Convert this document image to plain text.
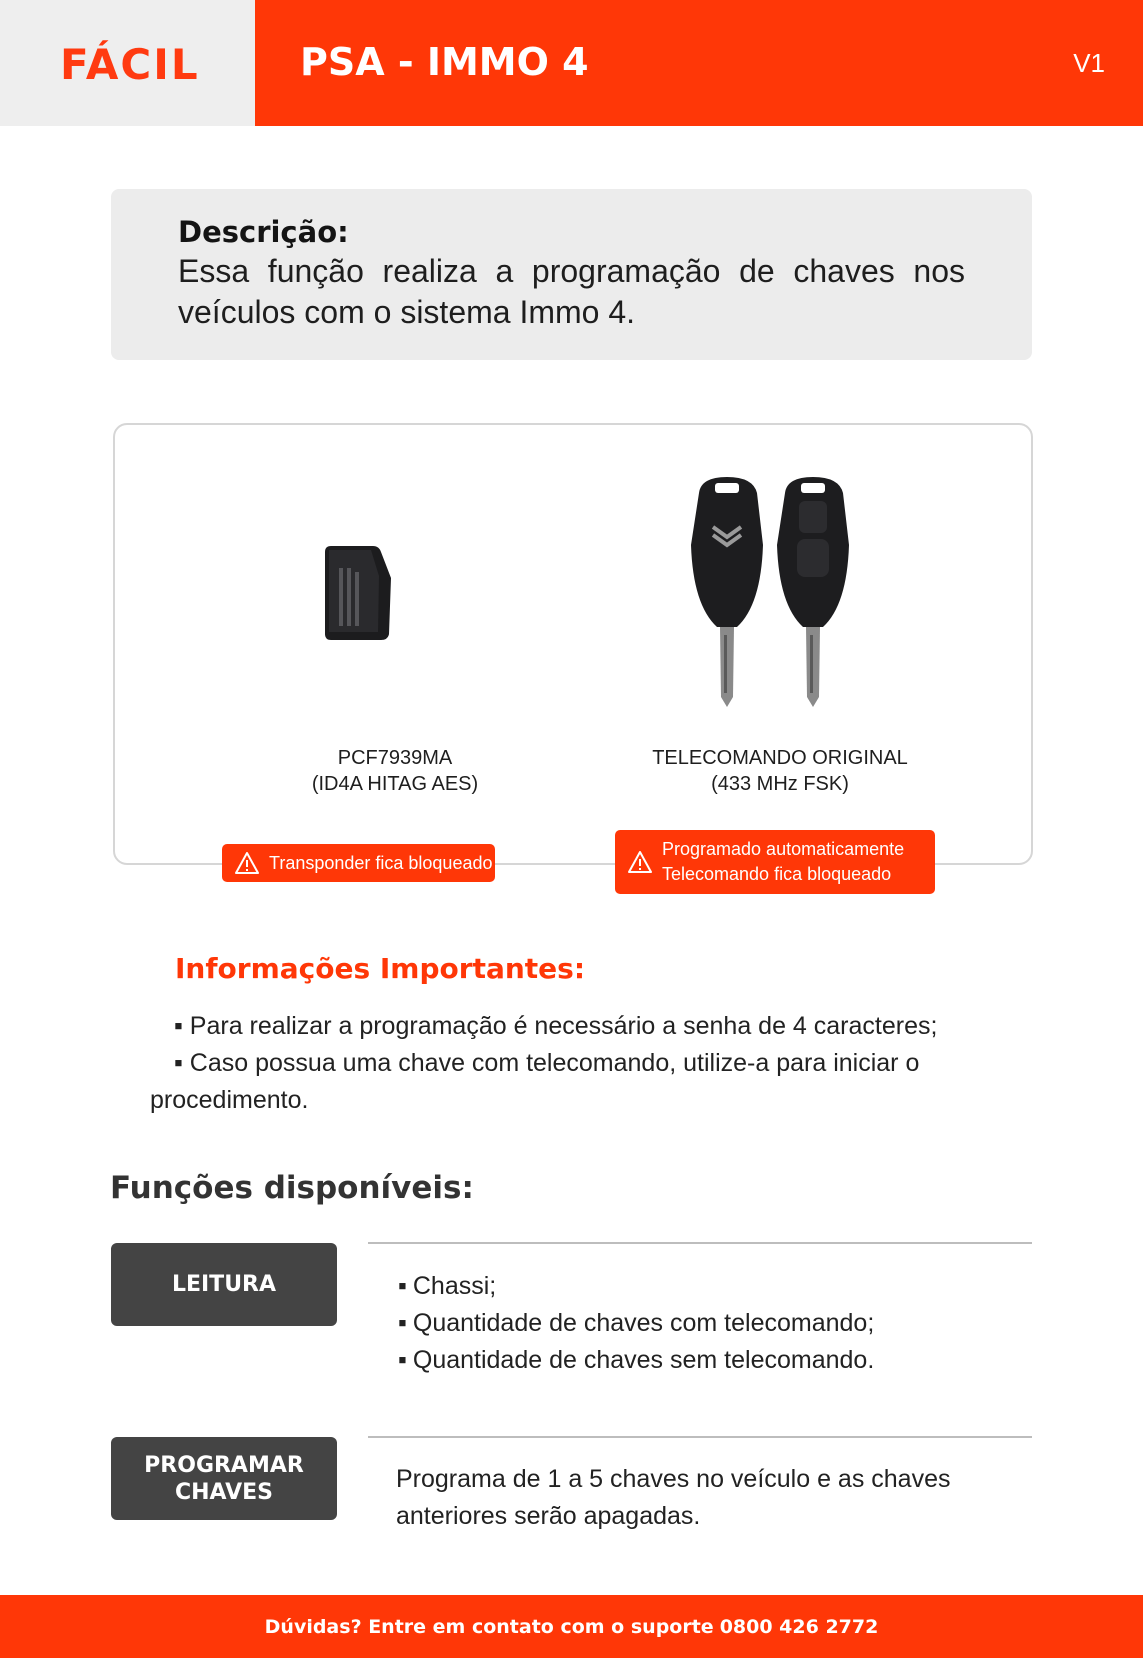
FÁCIL	PSA - IMMO 4	V1
Descrição:
Essa função realiza a programação de chaves nos veículos com o sistema Immo 4.
PCF7939MA
(ID4A HITAG AES)
TELECOMANDO ORIGINAL
(433 MHz FSK)
Transponder fica bloqueado
Programado automaticamente
Telecomando fica bloqueado
Informações Importantes:
▪ Para realizar a programação é necessário a senha de 4 caracteres;
▪ Caso possua uma chave com telecomando, utilize-a para iniciar o procedimento.
Funções disponíveis:
LEITURA
▪	Chassi;
▪ Quantidade de chaves com telecomando;
▪ Quantidade de chaves sem telecomando.
PROGRAMAR
CHAVES	Programa de 1 a 5 chaves no veículo e as chaves anteriores serão apagadas.
Dúvidas? Entre em contato com o suporte 0800 426 2772
